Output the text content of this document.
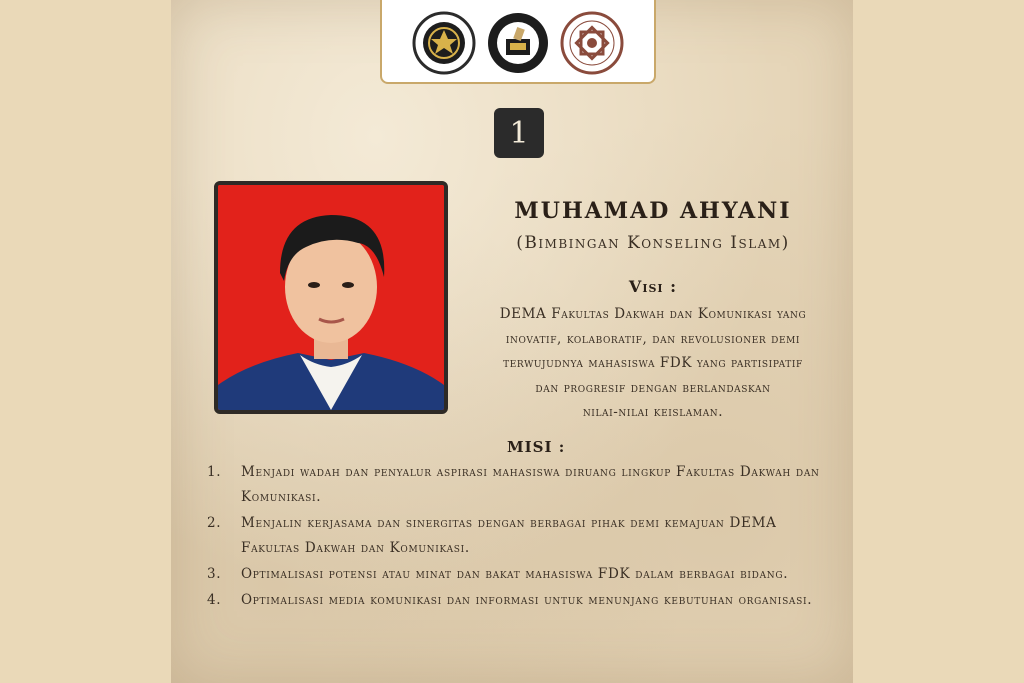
1
MUHAMAD AHYANI
(Bimbingan Konseling Islam)
Visi :
DEMA Fakultas Dakwah dan Komunikasi yang
inovatif, kolaboratif, dan revolusioner demi
terwujudnya mahasiswa FDK yang partisipatif
dan progresif dengan berlandaskan
nilai-nilai keislaman.
MISI :
1.	Menjadi wadah dan penyalur aspirasi mahasiswa diruang lingkup Fakultas Dakwah dan Komunikasi.
2.	Menjalin kerjasama dan sinergitas dengan berbagai pihak demi kemajuan DEMA Fakultas Dakwah dan Komunikasi.
3.	Optimalisasi potensi atau minat dan bakat mahasiswa FDK dalam berbagai bidang.
4.	Optimalisasi media komunikasi dan informasi untuk menunjang kebutuhan organisasi.
